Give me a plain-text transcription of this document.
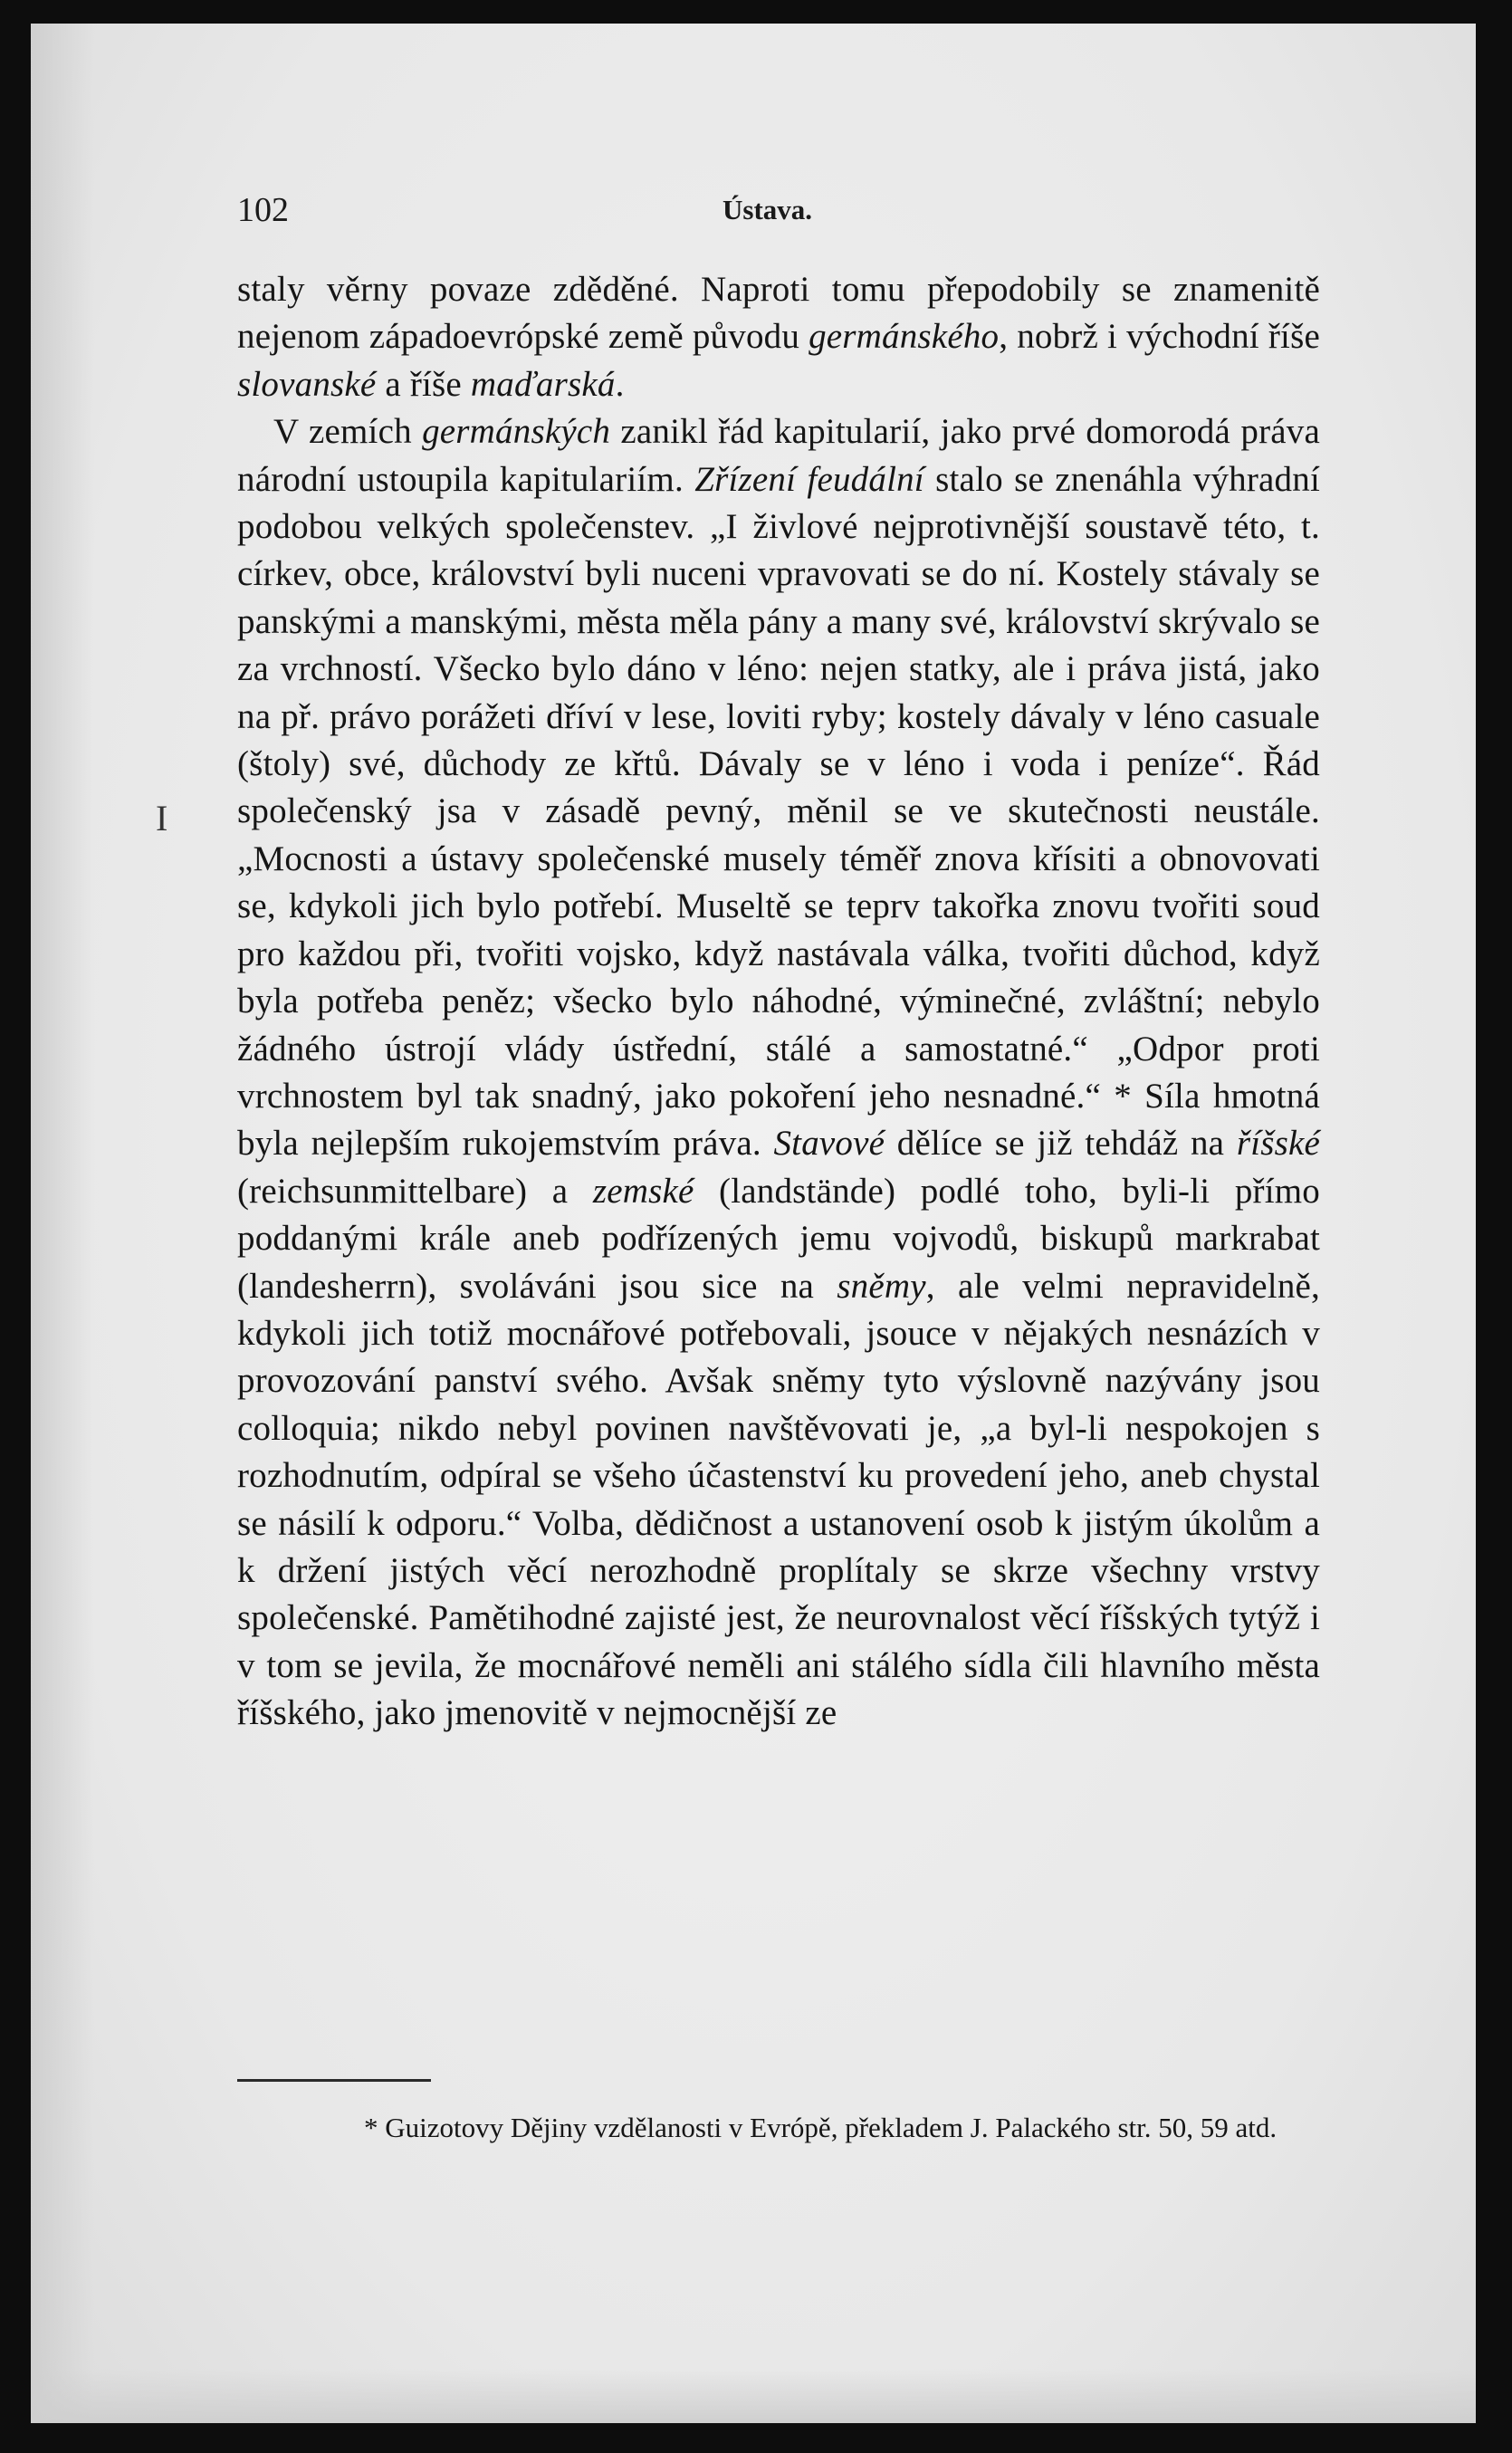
102	Ústava.
I
staly věrny povaze zděděné. Naproti tomu přepodobily se znamenitě nejenom západoevrópské země původu germánského, nobrž i východní říše slovanské a říše maďarská.
V zemích germánských zanikl řád kapitularií, jako prvé domorodá práva národní ustoupila kapitulariím. Zřízení feudální stalo se znenáhla výhradní podobou velkých společenstev. „I živlové nejprotivnější soustavě této, t. církev, obce, království byli nuceni vpravovati se do ní. Kostely stávaly se panskými a manskými, města měla pány a many své, království skrývalo se za vrchností. Všecko bylo dáno v léno: nejen statky, ale i práva jistá, jako na př. právo porážeti dříví v lese, loviti ryby; kostely dávaly v léno casuale (štoly) své, důchody ze křtů. Dávaly se v léno i voda i peníze“. Řád společenský jsa v zásadě pevný, měnil se ve skutečnosti neustále. „Mocnosti a ústavy společenské musely téměř znova křísiti a obnovovati se, kdykoli jich bylo potřebí. Museltě se teprv takořka znovu tvořiti soud pro každou při, tvořiti vojsko, když nastávala válka, tvořiti důchod, když byla potřeba peněz; všecko bylo náhodné, výminečné, zvláštní; nebylo žádného ústrojí vlády ústřední, stálé a samostatné.“ „Odpor proti vrchnostem byl tak snadný, jako pokoření jeho nesnadné.“ * Síla hmotná byla nejlepším rukojemstvím práva. Stavové dělíce se již tehdáž na říšské (reichsunmittelbare) a zemské (landstände) podlé toho, byli-li přímo poddanými krále aneb podřízených jemu vojvodů, biskupů markrabat (landesherrn), svoláváni jsou sice na sněmy, ale velmi nepravidelně, kdykoli jich totiž mocnářové potřebovali, jsouce v nějakých nesnázích v provozování panství svého. Avšak sněmy tyto výslovně nazývány jsou colloquia; nikdo nebyl povinen navštěvovati je, „a byl-li nespokojen s rozhodnutím, odpíral se všeho účastenství ku provedení jeho, aneb chystal se násilí k odporu.“ Volba, dědičnost a ustanovení osob k jistým úkolům a k držení jistých věcí nerozhodně proplítaly se skrze všechny vrstvy společenské. Pamětihodné zajisté jest, že neurovnalost věcí říšských tytýž i v tom se jevila, že mocnářové neměli ani stálého sídla čili hlavního města říšského, jakо jmenovitě v nejmocnější ze
* Guizotovy Dějiny vzdělanosti v Evrópě, překladem J. Palackého str. 50, 59 atd.
